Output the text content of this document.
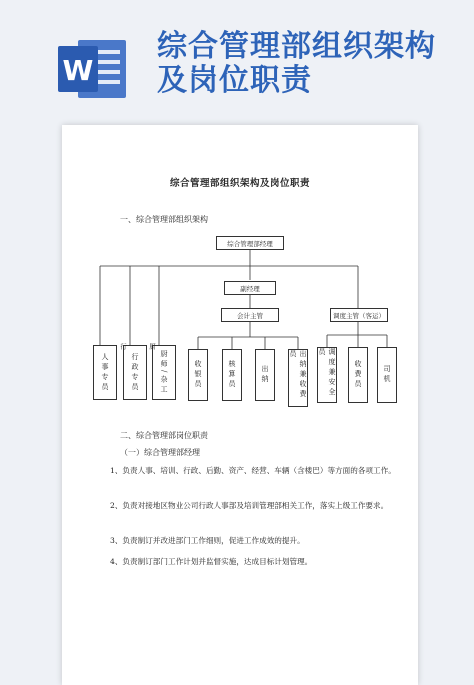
W
综合管理部组织架构及岗位职责
综合管理部组织架构及岗位职责
一、综合管理部组织架构
综合管理部经理
副经理
会计主管	调度主管（客运）
人事专员	行政专员	厨师/杂工
行	厨
收银员	核算员	出纳	出纳兼收费员	调度兼安全员
收费员	司机
二、综合管理部岗位职责
（一）综合管理部经理
1、负责人事、培训、行政、后勤、资产、经营、车辆（含楼巴）等方面的各项工作。
2、负责对接地区物业公司行政人事部及培训管理部相关工作，落实上级工作要求。
3、负责制订并改进部门工作细则，促进工作成效的提升。
4、负责制订部门工作计划并监督实施，达成目标计划管理。
